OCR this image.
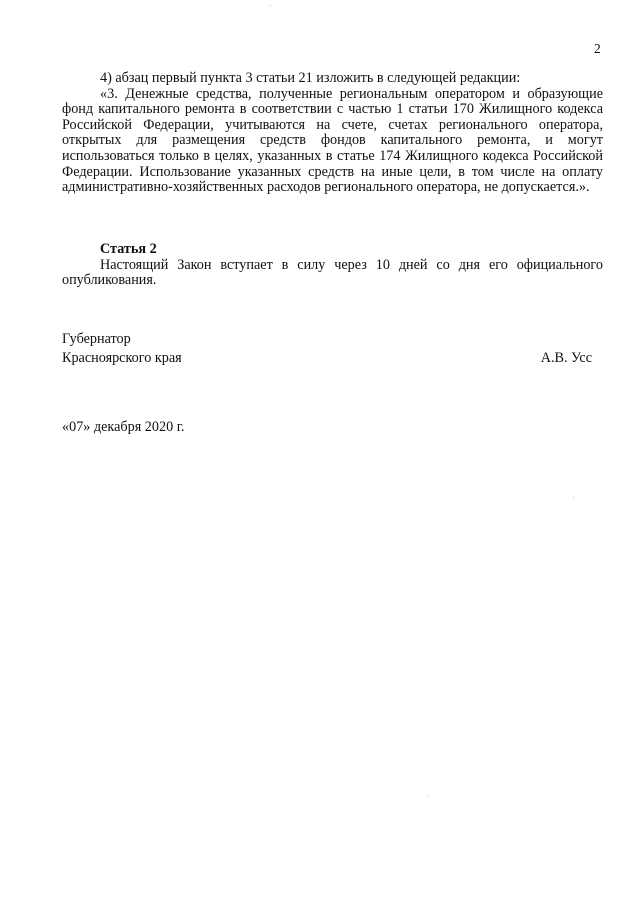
2

4) абзац первый пункта 3 статьи 21 изложить в следующей редакции:

«3. Денежные средства, полученные региональным оператором и образующие фонд капитального ремонта в соответствии с частью 1 статьи 170 Жилищного кодекса Российской Федерации, учитываются на счете, счетах регионального оператора, открытых для размещения средств фондов капитального ремонта, и могут использоваться только в целях, указанных в статье 174 Жилищного кодекса Российской Федерации. Использование указанных средств на иные цели, в том числе на оплату административно-хозяйственных расходов регионального оператора, не допускается.».

Статья 2

Настоящий Закон вступает в силу через 10 дней со дня его официального опубликования.

Губернатор

Красноярского края	А.В. Усс

«07» декабря 2020 г.
